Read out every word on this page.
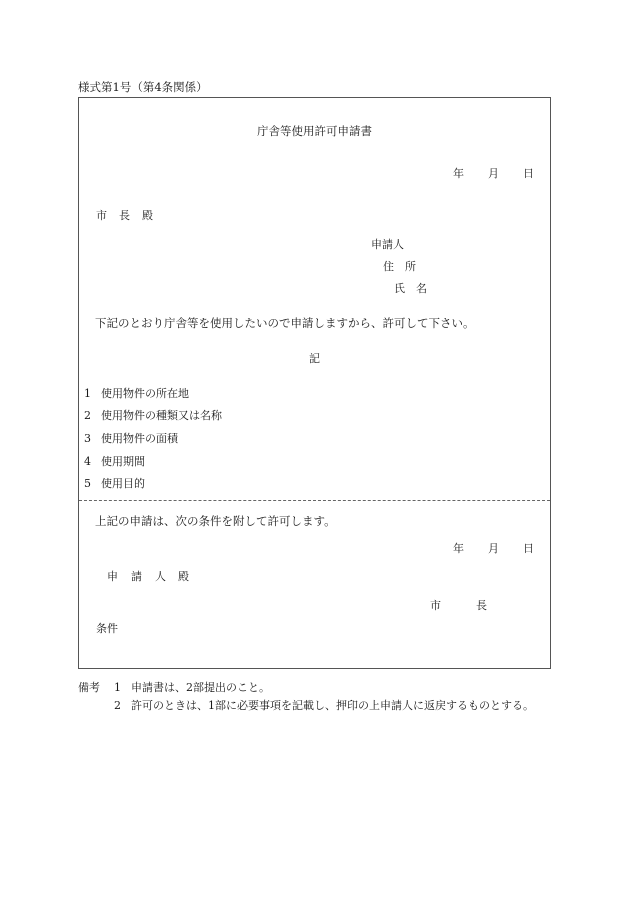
様式第1号（第4条関係）
庁舎等使用許可申請書
年 月 日
市 長 殿
申請人
住 所
氏 名
下記のとおり庁舎等を使用したいので申請しますから、許可して下さい。
記
1 使用物件の所在地
2 使用物件の種類又は名称
3 使用物件の面積
4 使用期間
5 使用目的
上記の申請は、次の条件を附して許可します。
年 月 日
申 請 人 殿
市	長
条件
備考 1 申請書は、2部提出のこと。
2 許可のときは、1部に必要事項を記載し、押印の上申請人に返戻するものとする。
